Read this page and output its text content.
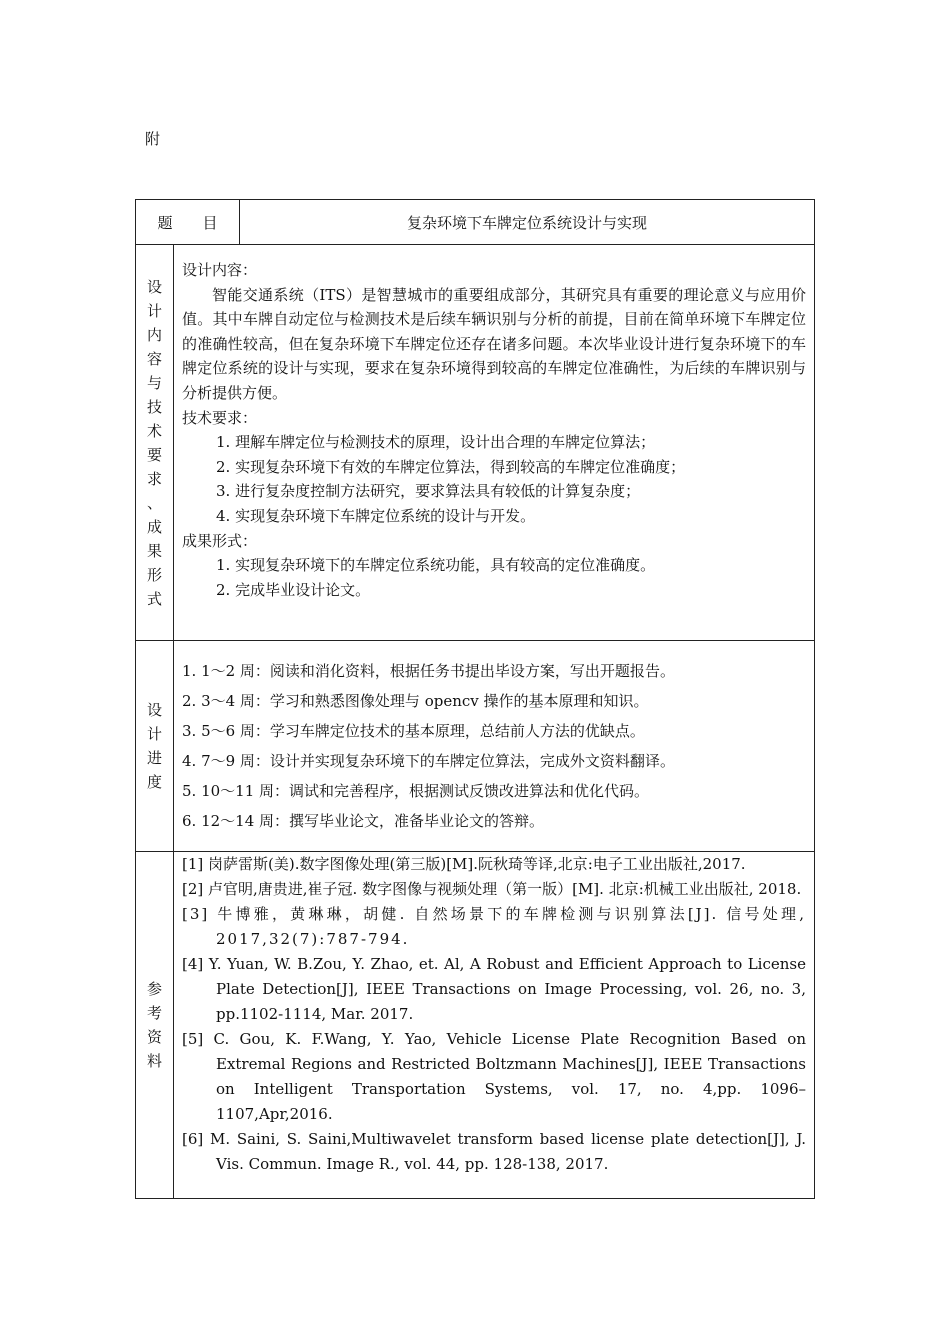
附
题　　目	复杂环境下车牌定位系统设计与实现
设
计
内
容
与
技
术
要
求
、
成
果
形
式

设计内容：

智能交通系统（ITS）是智慧城市的重要组成部分，其研究具有重要的理论意义与应用价值。其中车牌自动定位与检测技术是后续车辆识别与分析的前提，目前在简单环境下车牌定位的准确性较高，但在复杂环境下车牌定位还存在诸多问题。本次毕业设计进行复杂环境下的车牌定位系统的设计与实现，要求在复杂环境得到较高的车牌定位准确性，为后续的车牌识别与分析提供方便。

技术要求：

1. 理解车牌定位与检测技术的原理，设计出合理的车牌定位算法；

2. 实现复杂环境下有效的车牌定位算法，得到较高的车牌定位准确度；

3. 进行复杂度控制方法研究，要求算法具有较低的计算复杂度；

4. 实现复杂环境下车牌定位系统的设计与开发。

成果形式：

1. 实现复杂环境下的车牌定位系统功能，具有较高的定位准确度。

2. 完成毕业设计论文。

设
计
进
度

1. 1～2 周：阅读和消化资料，根据任务书提出毕设方案，写出开题报告。

2. 3～4 周：学习和熟悉图像处理与 opencv 操作的基本原理和知识。

3. 5～6 周：学习车牌定位技术的基本原理，总结前人方法的优缺点。

4. 7～9 周：设计并实现复杂环境下的车牌定位算法，完成外文资料翻译。

5. 10～11 周：调试和完善程序，根据测试反馈改进算法和优化代码。

6. 12～14 周：撰写毕业论文，准备毕业论文的答辩。

参
考
资
料

[1] 岗萨雷斯(美).数字图像处理(第三版)[M].阮秋琦等译,北京:电子工业出版社,2017.

[2] 卢官明,唐贵进,崔子冠. 数字图像与视频处理（第一版）[M]. 北京:机械工业出版社, 2018.

[3] 牛博雅，黄琳琳，胡健. 自然场景下的车牌检测与识别算法[J]. 信号处理, 2017,32(7):787-794.

[4] Y. Yuan, W. B.Zou, Y. Zhao, et. Al, A Robust and Efficient Approach to License Plate Detection[J], IEEE Transactions on Image Processing, vol. 26, no. 3, pp.1102-1114, Mar. 2017.

[5] C. Gou, K. F.Wang, Y. Yao, Vehicle License Plate Recognition Based on Extremal Regions and Restricted Boltzmann Machines[J], IEEE Transactions on Intelligent Transportation Systems, vol. 17, no. 4,pp. 1096–1107,Apr,2016.

[6] M. Saini, S. Saini,Multiwavelet transform based license plate detection[J], J. Vis. Commun. Image R., vol. 44, pp. 128-138, 2017.
